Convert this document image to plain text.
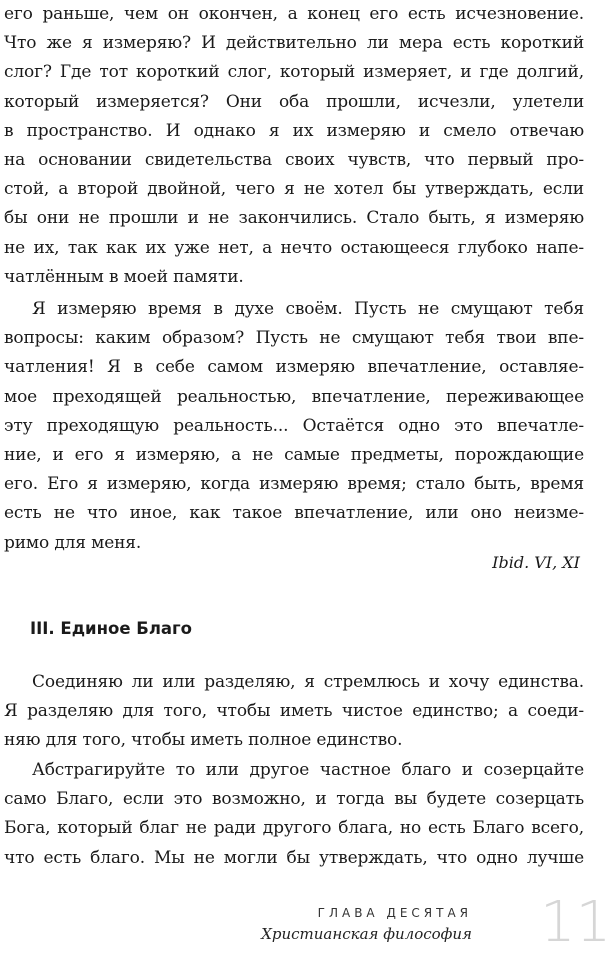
его раньше, чем он окончен, а конец его есть исчезновение.
Что же я измеряю? И действительно ли мера есть короткий
слог? Где тот короткий слог, который измеряет, и где долгий,
который измеряется? Они оба прошли, исчезли, улетели
в пространство. И однако я их измеряю и смело отвечаю
на основании свидетельства своих чувств, что первый про-
стой, а второй двойной, чего я не хотел бы утверждать, если
бы они не прошли и не закончились. Стало быть, я измеряю
не их, так как их уже нет, а нечто остающееся глубоко напе-
чатлённым в моей памяти.
Я измеряю время в духе своём. Пусть не смущают тебя
вопросы: каким образом? Пусть не смущают тебя твои впе-
чатления! Я в себе самом измеряю впечатление, оставляе-
мое преходящей реальностью, впечатление, переживающее
эту преходящую реальность... Остаётся одно это впечатле-
ние, и его я измеряю, а не самые предметы, порождающие
его. Его я измеряю, когда измеряю время; стало быть, время
есть не что иное, как такое впечатление, или оно неизме-
римо для меня.
Ibid. VI, XI
III. Единое Благо
Соединяю ли или разделяю, я стремлюсь и хочу единства.
Я разделяю для того, чтобы иметь чистое единство; а соеди-
няю для того, чтобы иметь полное единство.
Абстрагируйте то или другое частное благо и созерцайте
само Благо, если это возможно, и тогда вы будете созерцать
Бога, который благ не ради другого блага, но есть Благо всего,
что есть благо. Мы не могли бы утверждать, что одно лучше
ГЛАВА ДЕСЯТАЯ
Христианская философия 11
